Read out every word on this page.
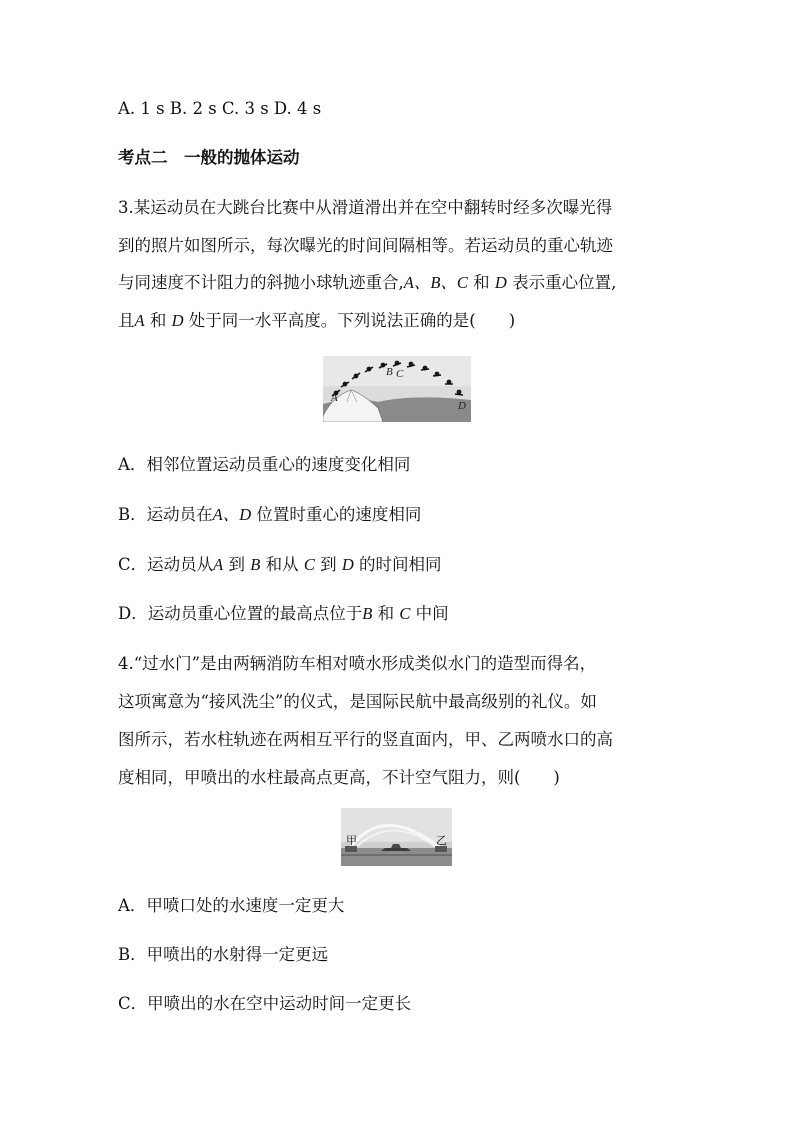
A. 1 s B. 2 s C. 3 s D. 4 s
考点二　一般的抛体运动
3.某运动员在大跳台比赛中从滑道滑出并在空中翻转时经多次曝光得
到的照片如图所示，每次曝光的时间间隔相等。若运动员的重心轨迹
与同速度不计阻力的斜抛小球轨迹重合,A、B、C 和 D 表示重心位置,
且A 和 D 处于同一水平高度。下列说法正确的是(　　)
A
B C
D
A．相邻位置运动员重心的速度变化相同
B．运动员在A、D 位置时重心的速度相同
C．运动员从A 到 B 和从 C 到 D 的时间相同
D．运动员重心位置的最高点位于B 和 C 中间
4.“过水门”是由两辆消防车相对喷水形成类似水门的造型而得名，
这项寓意为“接风洗尘”的仪式，是国际民航中最高级别的礼仪。如
图所示，若水柱轨迹在两相互平行的竖直面内，甲、乙两喷水口的高
度相同，甲喷出的水柱最高点更高，不计空气阻力，则(　　)
甲	乙
A．甲喷口处的水速度一定更大
B．甲喷出的水射得一定更远
C．甲喷出的水在空中运动时间一定更长
